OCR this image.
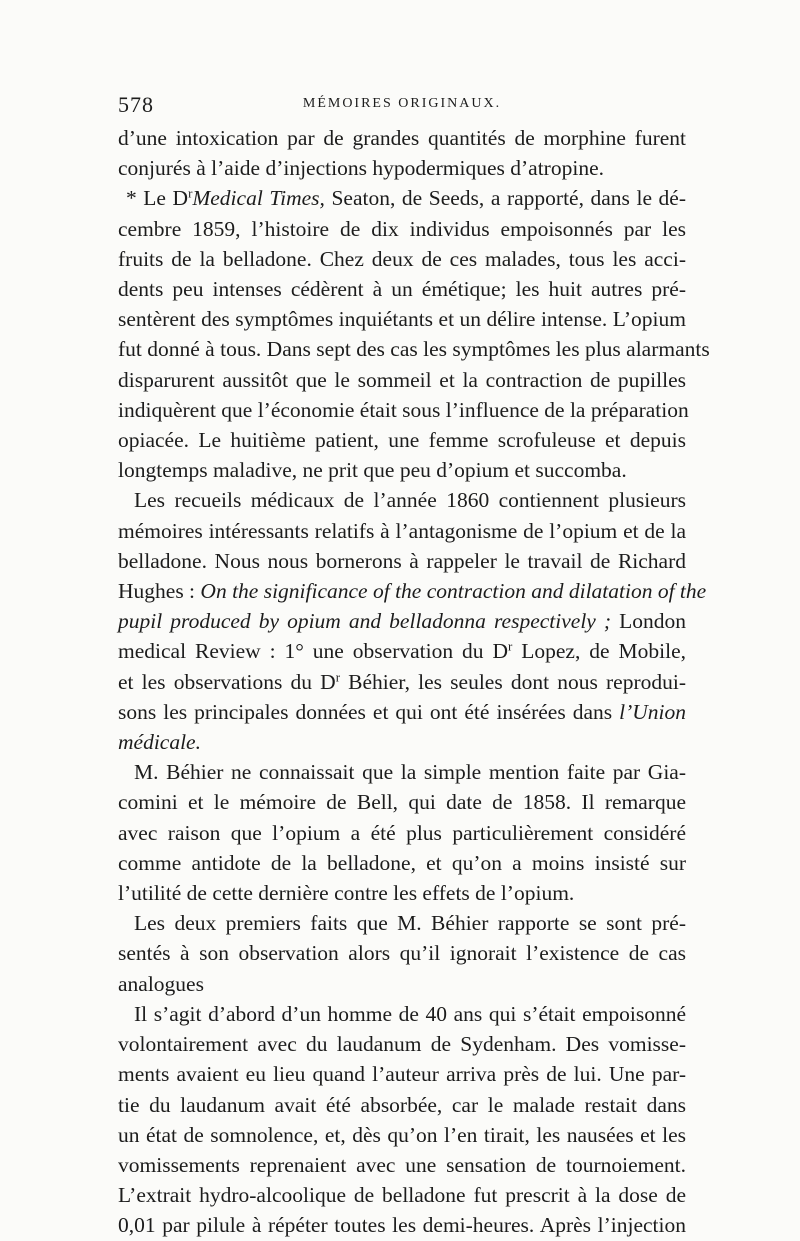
578	MÉMOIRES ORIGINAUX.
d’une intoxication par de grandes quantités de morphine furent
conjurés à l’aide d’injections hypodermiques d’atropine.
* Le $D^rMedical$ Times, Seaton, de Seeds, a rapporté, dans le dé-
cembre 1859, l’histoire de dix individus empoisonnés par les
fruits de la belladone. Chez deux de ces malades, tous les acci-
dents peu intenses cédèrent à un émétique; les huit autres pré-
sentèrent des symptômes inquiétants et un délire intense. L’opium
fut donné à tous. Dans sept des cas les symptômes les plus alarmants
disparurent aussitôt que le sommeil et la contraction de pupilles
indiquèrent que l’économie était sous l’influence de la préparation
opiacée. Le huitième patient, une femme scrofuleuse et depuis
longtemps maladive, ne prit que peu d’opium et succomba.
Les recueils médicaux de l’année 1860 contiennent plusieurs
mémoires intéressants relatifs à l’antagonisme de l’opium et de la
belladone. Nous nous bornerons à rappeler le travail de Richard
Hughes : On the significance of the contraction and dilatation of the
pupil produced by opium and belladonna respectively ; London
medical Review : 1° une observation du $D^r$ Lopez, de Mobile,
et les observations du $D^r$ Béhier, les seules dont nous reprodui-
sons les principales données et qui ont été insérées dans l’Union
médicale.
M. Béhier ne connaissait que la simple mention faite par Gia-
comini et le mémoire de Bell, qui date de 1858. Il remarque
avec raison que l’opium a été plus particulièrement considéré
comme antidote de la belladone, et qu’on a moins insisté sur
l’utilité de cette dernière contre les effets de l’opium.
Les deux premiers faits que M. Béhier rapporte se sont pré-
sentés à son observation alors qu’il ignorait l’existence de cas
analogues
Il s’agit d’abord d’un homme de 40 ans qui s’était empoisonné
volontairement avec du laudanum de Sydenham. Des vomisse-
ments avaient eu lieu quand l’auteur arriva près de lui. Une par-
tie du laudanum avait été absorbée, car le malade restait dans
un état de somnolence, et, dès qu’on l’en tirait, les nausées et les
vomissements reprenaient avec une sensation de tournoiement.
L’extrait hydro-alcoolique de belladone fut prescrit à la dose de
0,01 par pilule à répéter toutes les demi-heures. Après l’injection
